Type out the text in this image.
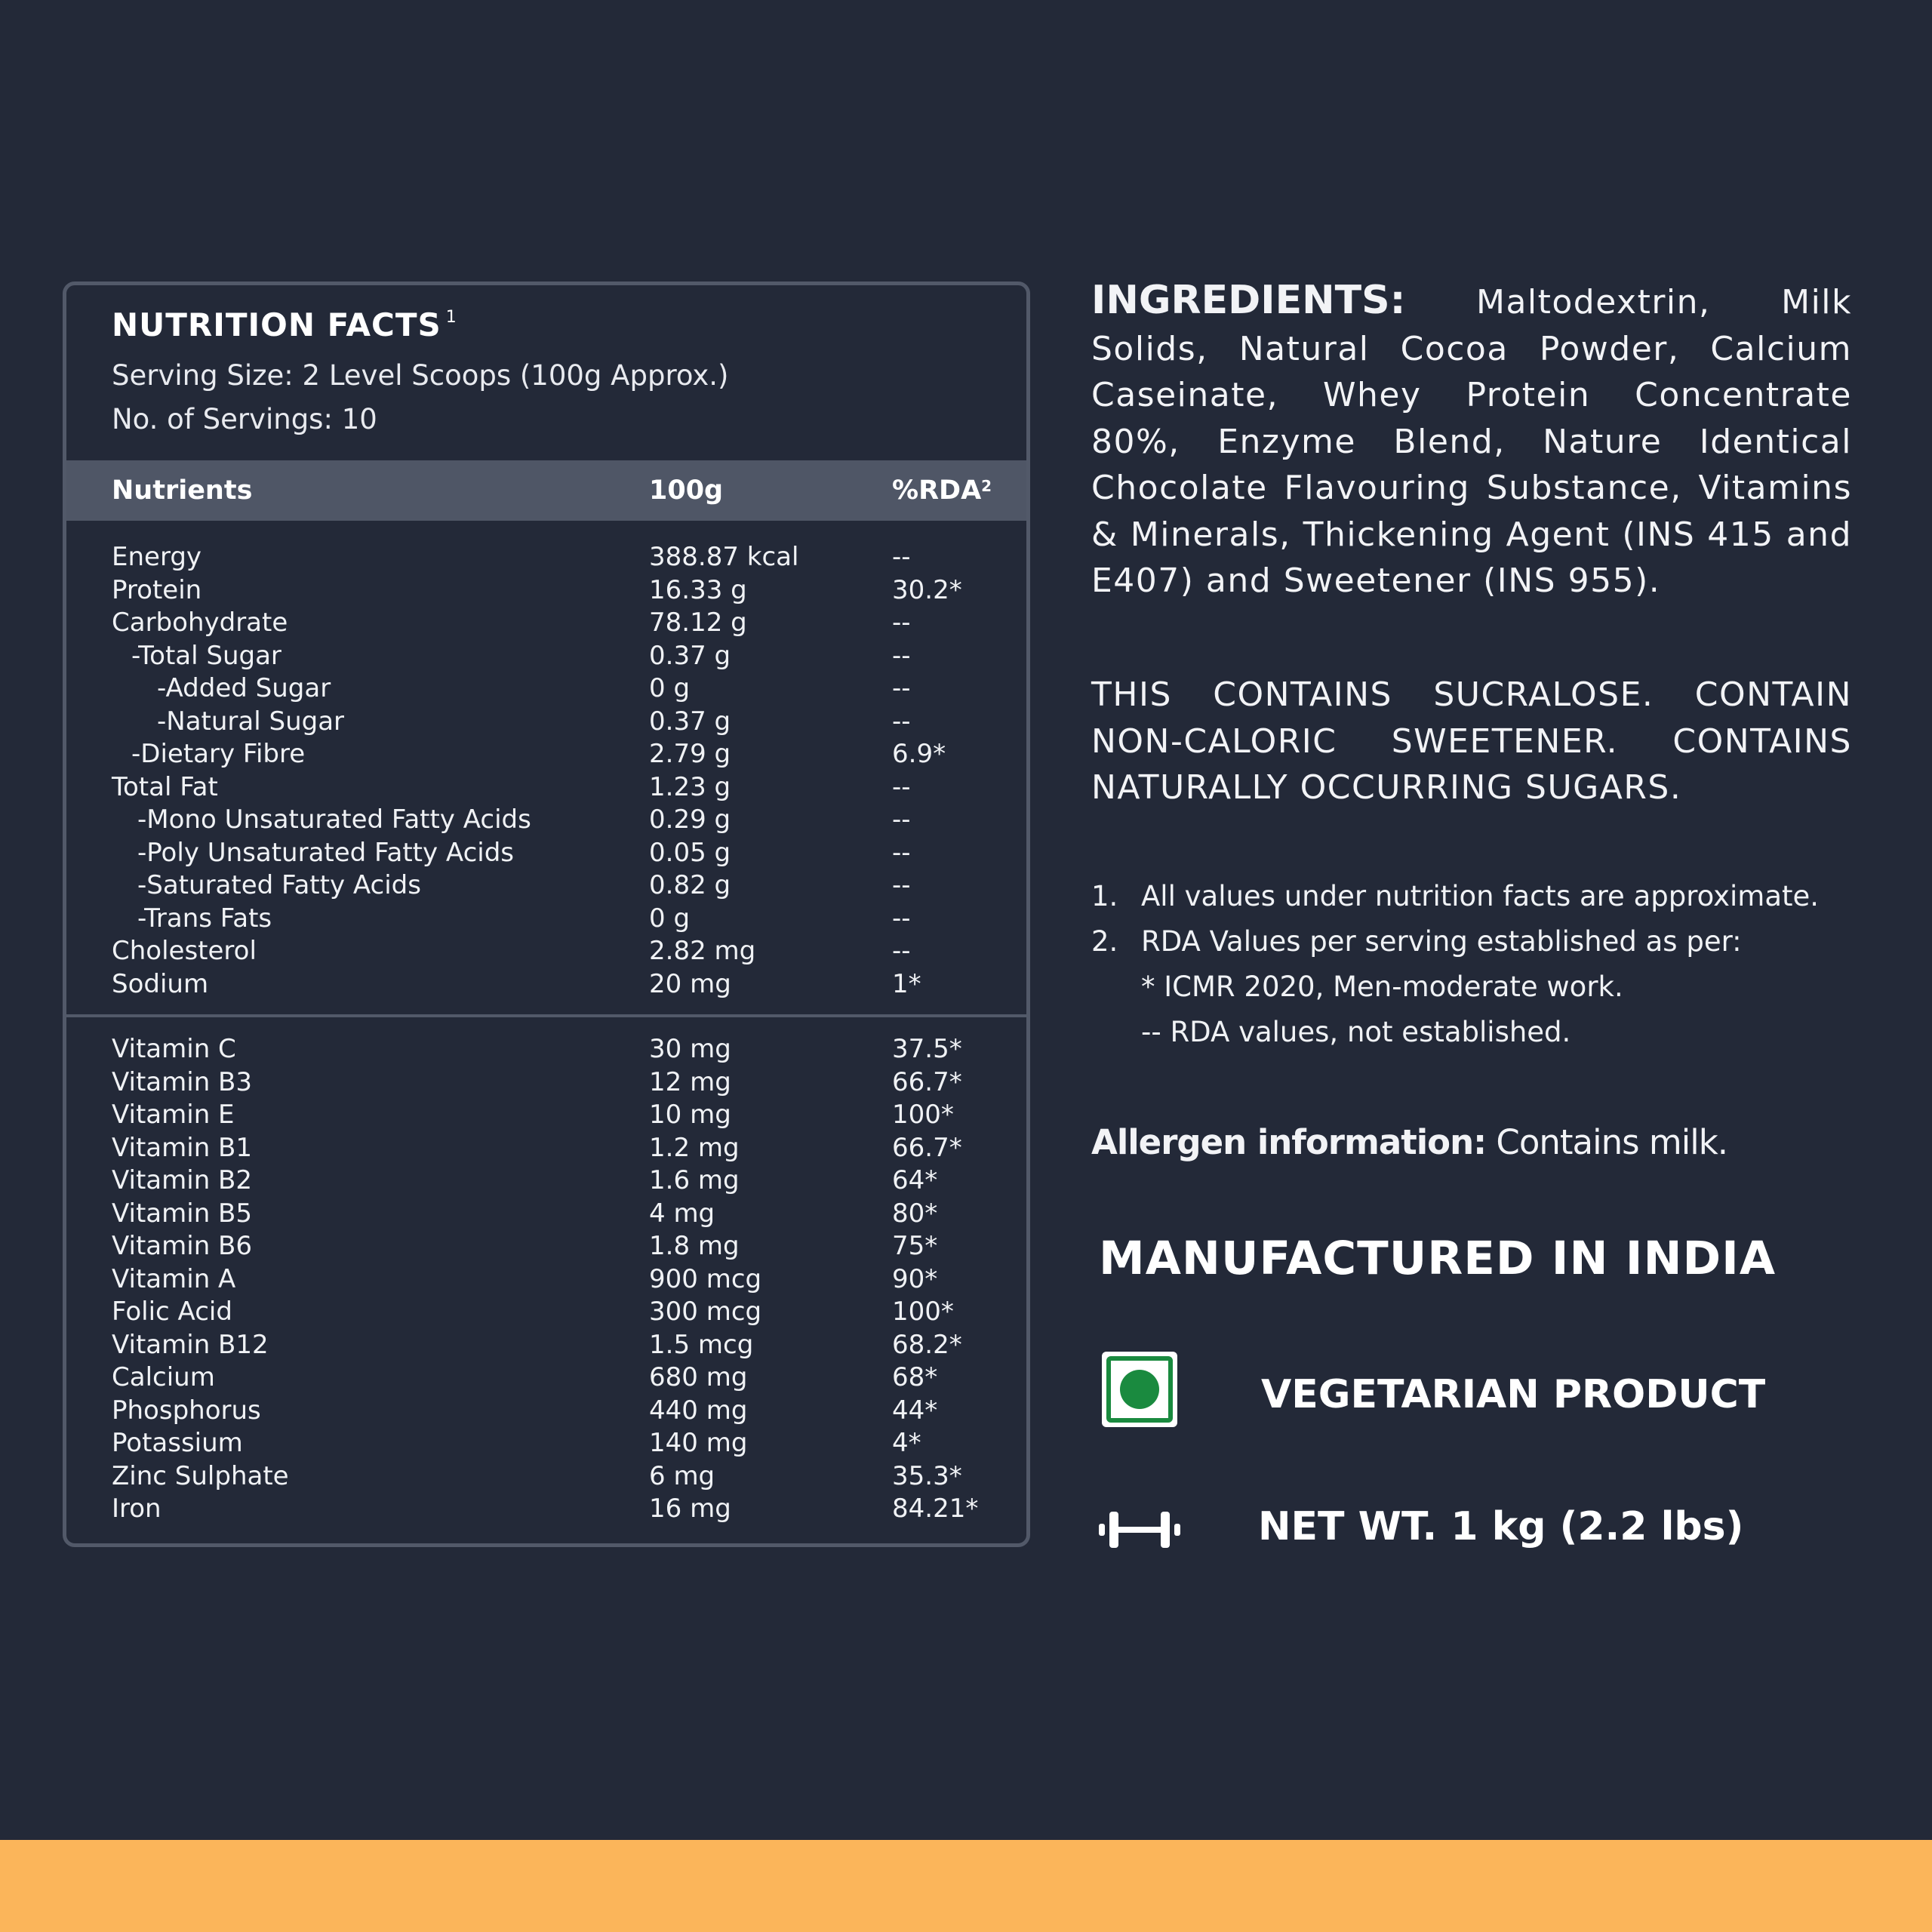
NUTRITION FACTS $^1$
Serving Size: 2 Level Scoops (100g Approx.)
No. of Servings: 10
Nutrients	100g	%RDA$^2$
Energy	388.87 kcal	--
Protein	16.33 g	30.2*
Carbohydrate	78.12 g	--
-Total Sugar	0.37 g	--
-Added Sugar	0 g	--
-Natural Sugar	0.37 g	--
-Dietary Fibre	2.79 g	6.9*
Total Fat	1.23 g	--
-Mono Unsaturated Fatty Acids	0.29 g	--
-Poly Unsaturated Fatty Acids	0.05 g	--
-Saturated Fatty Acids	0.82 g	--
-Trans Fats	0 g	--
Cholesterol	2.82 mg	--
Sodium	20 mg	1*
Vitamin C	30 mg	37.5*
Vitamin B3	12 mg	66.7*
Vitamin E	10 mg	100*
Vitamin B1	1.2 mg	66.7*
Vitamin B2	1.6 mg	64*
Vitamin B5	4 mg	80*
Vitamin B6	1.8 mg	75*
Vitamin A	900 mcg	90*
Folic Acid	300 mcg	100*
Vitamin B12	1.5 mcg	68.2*
Calcium	680 mg	68*
Phosphorus	440 mg	44*
Potassium	140 mg	4*
Zinc Sulphate	6 mg	35.3*
Iron	16 mg	84.21*
INGREDIENTS: Maltodextrin, Milk Solids, Natural Cocoa Powder, Calcium Caseinate, Whey Protein Concentrate 80%, Enzyme Blend, Nature Identical Chocolate Flavouring Substance, Vitamins & Minerals, Thickening Agent (INS 415 and E407) and Sweetener (INS 955).
THIS CONTAINS SUCRALOSE. CONTAIN NON-CALORIC SWEETENER. CONTAINS NATURALLY OCCURRING SUGARS.
1. All values under nutrition facts are approximate.
2. RDA Values per serving established as per:
* ICMR 2020, Men-moderate work.
-- RDA values, not established.
Allergen information: Contains milk.
MANUFACTURED IN INDIA
VEGETARIAN PRODUCT
NET WT. 1 kg (2.2 lbs)
